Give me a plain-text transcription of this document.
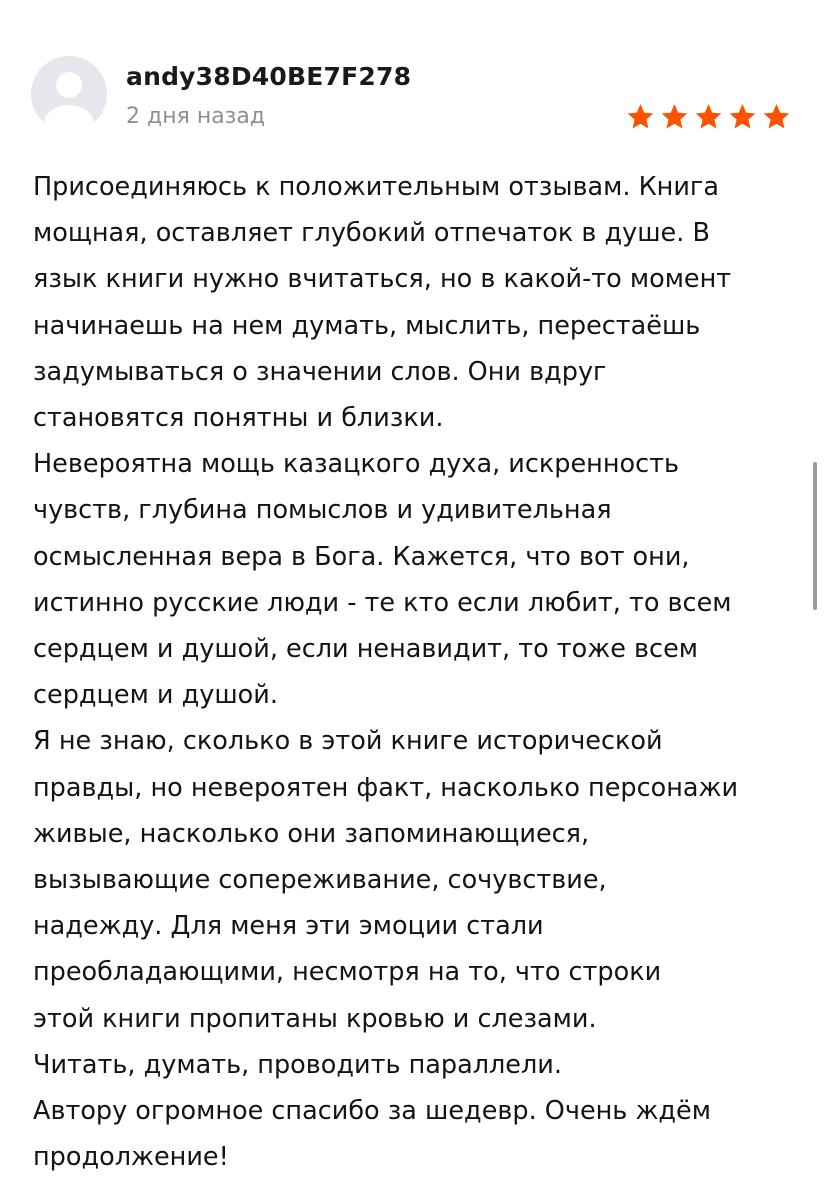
andy38D40BE7F278
2 дня назад

Присоединяюсь к положительным отзывам. Книга

мощная, оставляет глубокий отпечаток в душе. В

язык книги нужно вчитаться, но в какой-то момент

начинаешь на нем думать, мыслить, перестаёшь

задумываться о значении слов. Они вдруг

становятся понятны и близки.

Невероятна мощь казацкого духа, искренность

чувств, глубина помыслов и удивительная

осмысленная вера в Бога. Кажется, что вот они,

истинно русские люди - те кто если любит, то всем

сердцем и душой, если ненавидит, то тоже всем

сердцем и душой.

Я не знаю, сколько в этой книге исторической

правды, но невероятен факт, насколько персонажи

живые, насколько они запоминающиеся,

вызывающие сопереживание, сочувствие,

надежду. Для меня эти эмоции стали

преобладающими, несмотря на то, что строки

этой книги пропитаны кровью и слезами.

Читать, думать, проводить параллели.

Автору огромное спасибо за шедевр. Очень ждём

продолжение!
